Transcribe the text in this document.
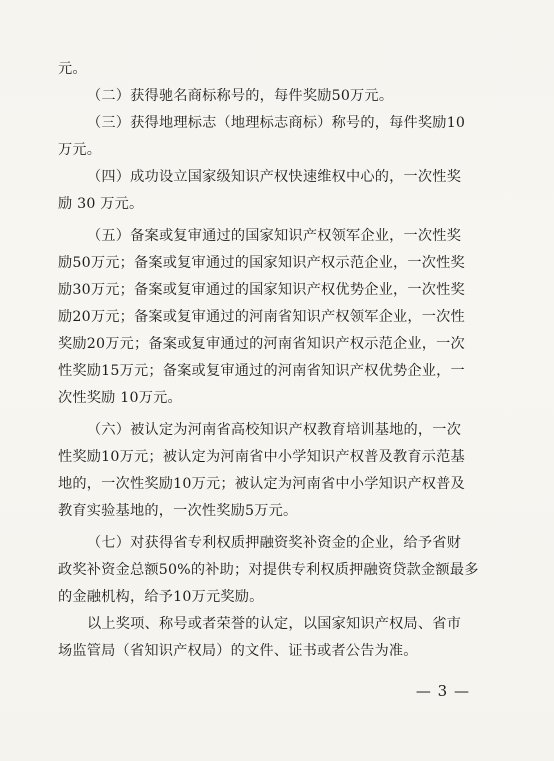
元。
（二）获得驰名商标称号的，每件奖励50万元。
（三）获得地理标志（地理标志商标）称号的，每件奖励10
万元。
（四）成功设立国家级知识产权快速维权中心的，一次性奖
励 30 万元。
（五）备案或复审通过的国家知识产权领军企业，一次性奖
励50万元；备案或复审通过的国家知识产权示范企业，一次性奖
励30万元；备案或复审通过的国家知识产权优势企业，一次性奖
励20万元；备案或复审通过的河南省知识产权领军企业，一次性
奖励20万元；备案或复审通过的河南省知识产权示范企业，一次
性奖励15万元；备案或复审通过的河南省知识产权优势企业，一
次性奖励 10万元。
（六）被认定为河南省高校知识产权教育培训基地的，一次
性奖励10万元；被认定为河南省中小学知识产权普及教育示范基
地的，一次性奖励10万元；被认定为河南省中小学知识产权普及
教育实验基地的，一次性奖励5万元。
（七）对获得省专利权质押融资奖补资金的企业，给予省财
政奖补资金总额50%的补助；对提供专利权质押融资贷款金额最多
的金融机构，给予10万元奖励。
以上奖项、称号或者荣誉的认定，以国家知识产权局、省市
场监管局（省知识产权局）的文件、证书或者公告为准。
— 3 —
